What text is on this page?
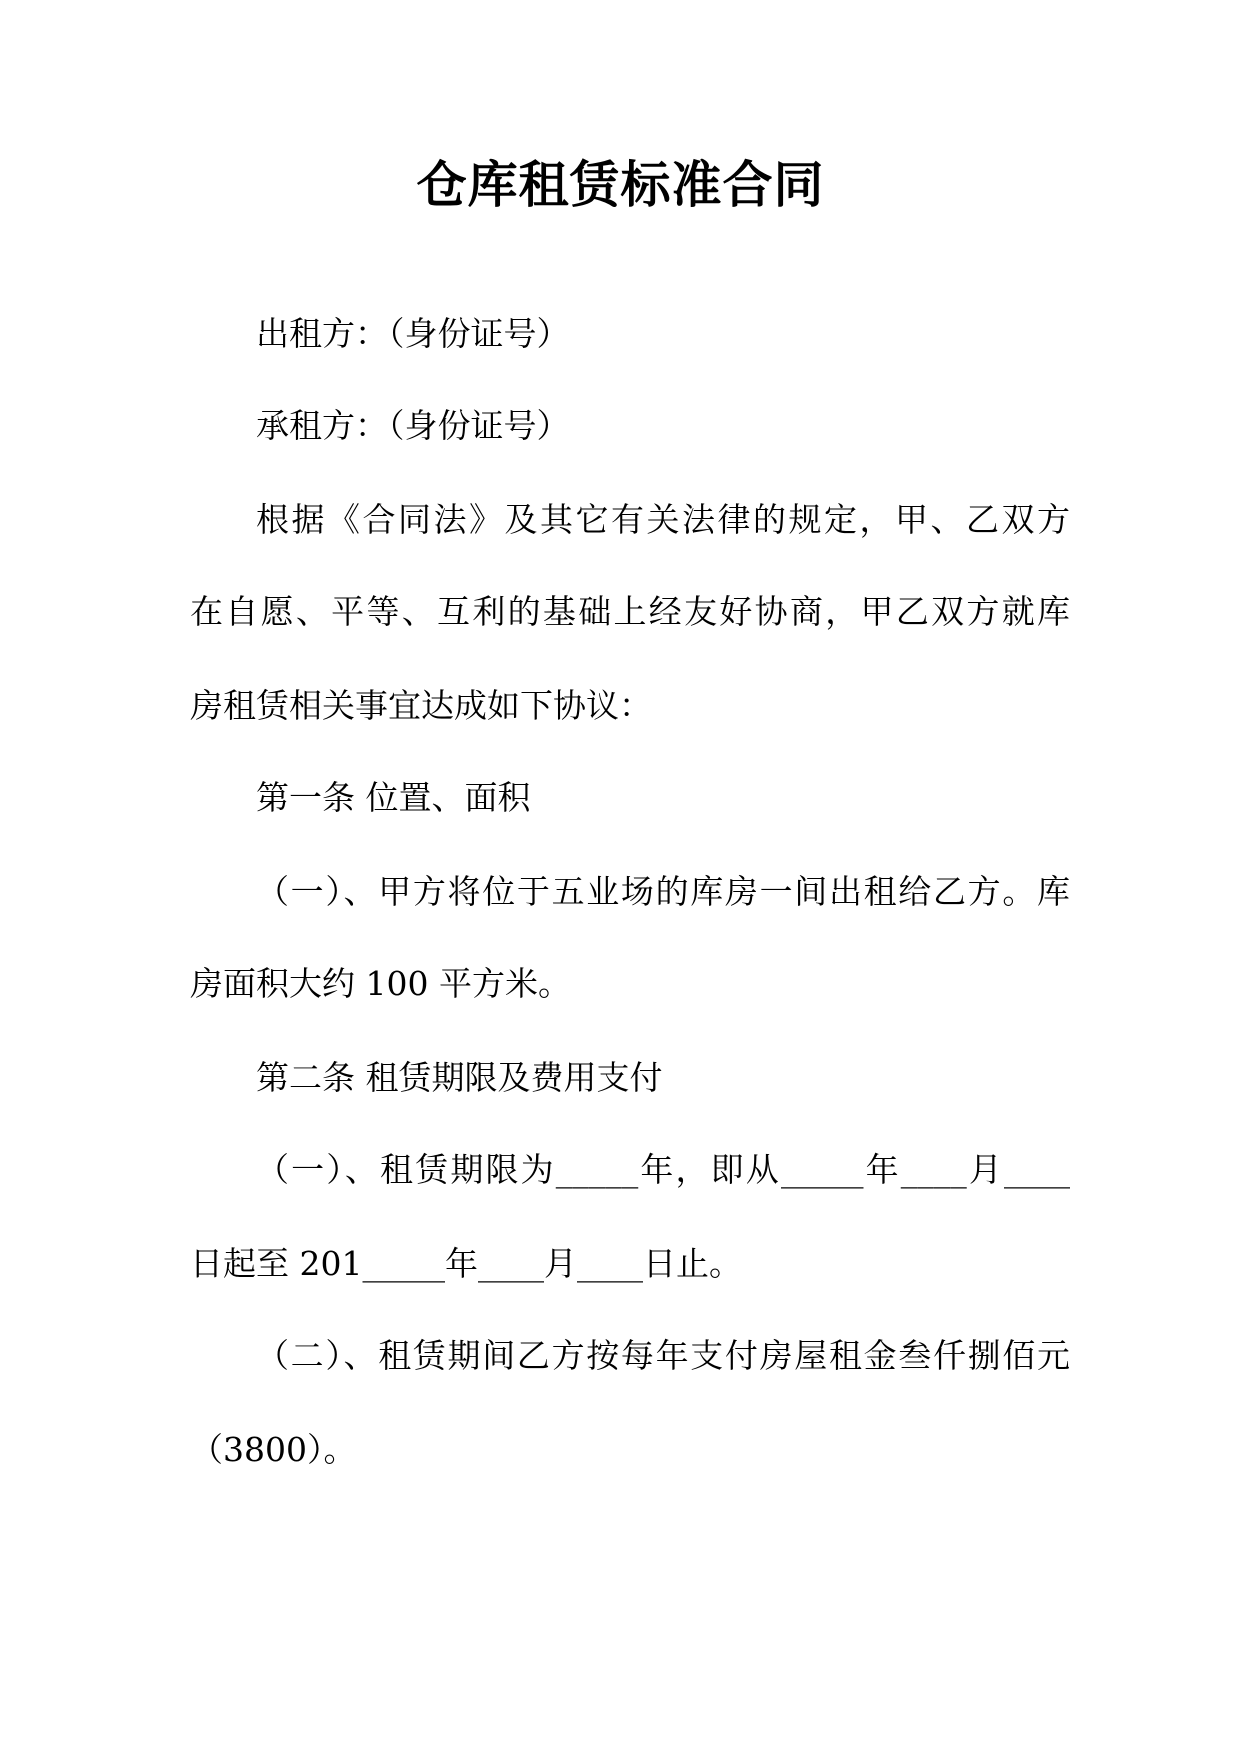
仓库租赁标准合同

出租方：（身份证号）

承租方：（身份证号）

根据《合同法》及其它有关法律的规定，甲、乙双方

在自愿、平等、互利的基础上经友好协商，甲乙双方就库

房租赁相关事宜达成如下协议：

第一条 位置、面积

（一）、甲方将位于五业场的库房一间出租给乙方。库

房面积大约 100 平方米。

第二条 租赁期限及费用支付

（一）、租赁期限为_____年，即从_____年____月____

日起至 201_____年____月____日止。

（二）、租赁期间乙方按每年支付房屋租金叁仟捌佰元

（3800）。
